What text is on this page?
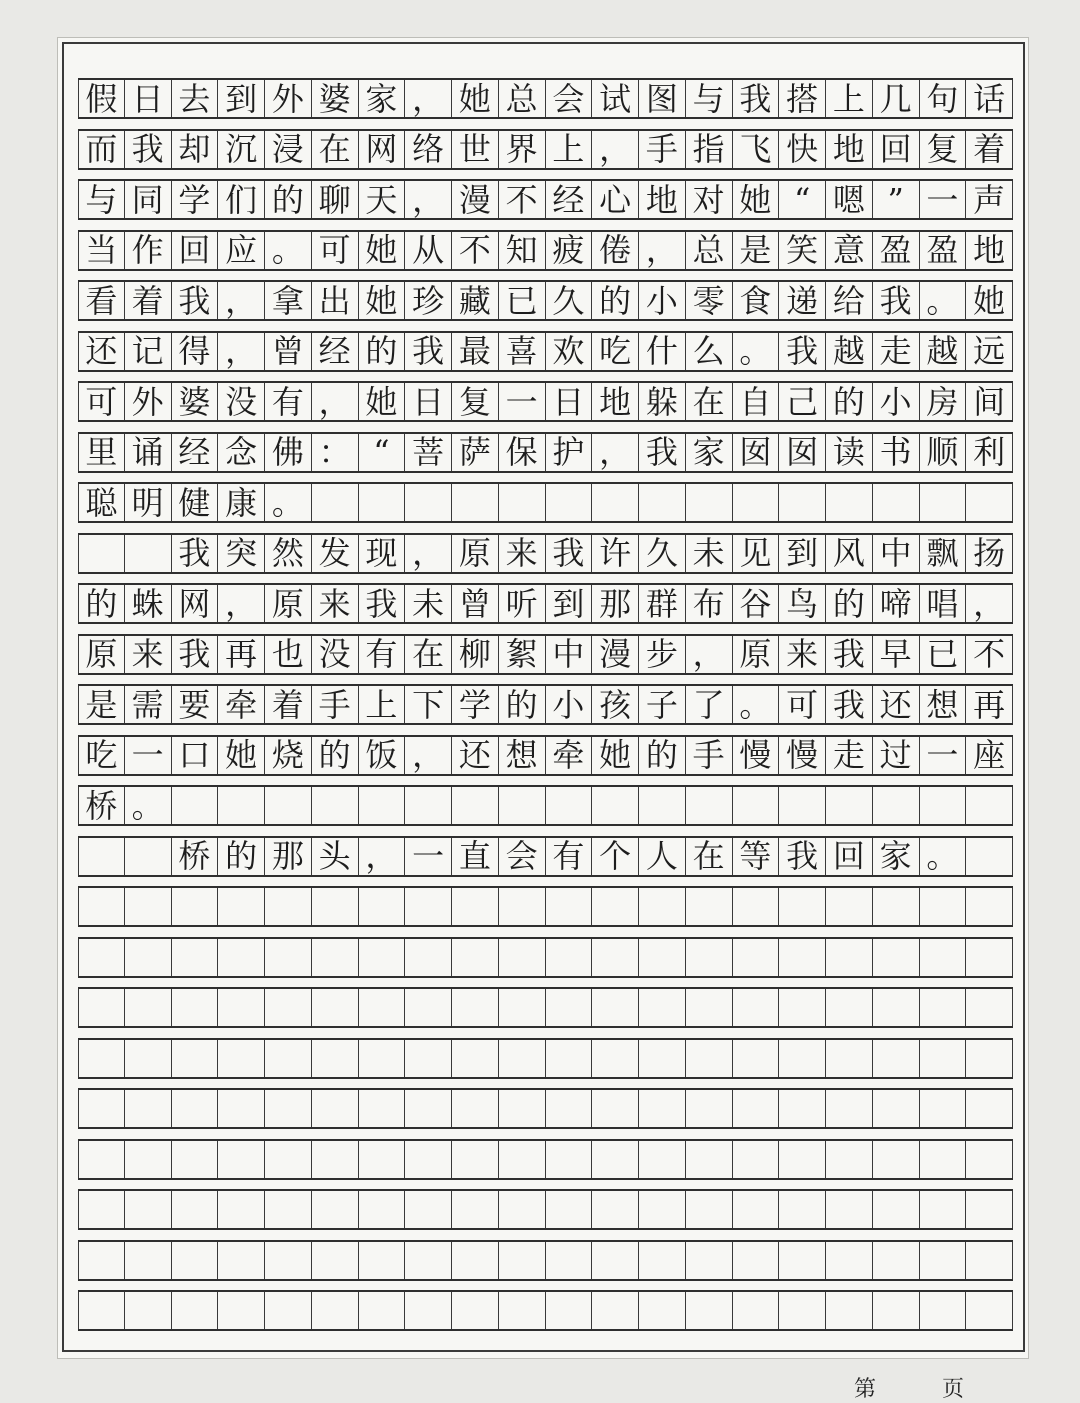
假 日 去 到 外 婆 家 ， 她 总 会 试 图 与 我 搭 上 几 句 话
而 我 却 沉 浸 在 网 络 世 界 上 ， 手 指 飞 快 地 回 复 着
与 同 学 们 的 聊 天 ， 漫 不 经 心 地 对 她 “ 嗯 ” 一 声
当 作 回 应 。 可 她 从 不 知 疲 倦 ， 总 是 笑 意 盈 盈 地
看 着 我 ， 拿 出 她 珍 藏 已 久 的 小 零 食 递 给 我 。 她
还 记 得 ， 曾 经 的 我 最 喜 欢 吃 什 么 。 我 越 走 越 远
可 外 婆 没 有 ， 她 日 复 一 日 地 躲 在 自 己 的 小 房 间
里 诵 经 念 佛 ： “ 菩 萨 保 护 ， 我 家 囡 囡 读 书 顺 利
聪 明 健 康 。
我 突 然 发 现 ， 原 来 我 许 久 未 见 到 风 中 飘 扬
的 蛛 网 ， 原 来 我 未 曾 听 到 那 群 布 谷 鸟 的 啼 唱 ，
原 来 我 再 也 没 有 在 柳 絮 中 漫 步 ， 原 来 我 早 已 不
是 需 要 牵 着 手 上 下 学 的 小 孩 子 了 。 可 我 还 想 再
吃 一 口 她 烧 的 饭 ， 还 想 牵 她 的 手 慢 慢 走 过 一 座
桥 。
桥 的 那 头 ， 一 直 会 有 个 人 在 等 我 回 家 。
第	页
